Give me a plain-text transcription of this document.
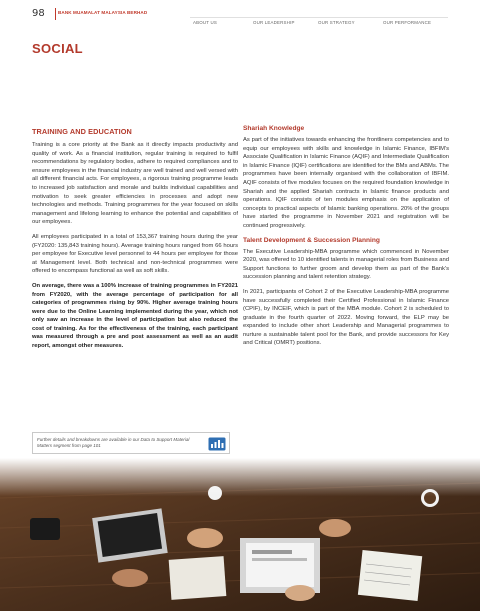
98	BANK MUAMALAT MALAYSIA BERHAD
ABOUT US	OUR LEADERSHIP	OUR STRATEGY	OUR PERFORMANCE
SOCIAL
TRAINING AND EDUCATION

Training is a core priority at the Bank as it directly impacts productivity and quality of work. As a financial institution, regular training is required to fulfil recommendations by regulatory bodies, adhere to required compliances and to ensure employees in the financial industry are well trained and well versed with all different financial acts. For employees, a rigorous training programme leads to increased job satisfaction and morale and builds individual capabilities and motivation to seek greater efficiencies in processes and adopt new technologies and methods. Training programmes for the year focused on skills management and lifelong learning to enhance the potential and capabilities of our employees.

All employees participated in a total of 153,367 training hours during the year (FY2020: 135,843 training hours). Average training hours ranged from 66 hours per employee for Executive level personnel to 44 hours per employee for those at Management level. Both technical and non-technical programmes were offered to encompass functional as well as soft skills.

On average, there was a 100% increase of training programmes in FY2021 from FY2020, with the average percentage of participation for all categories of programmes rising by 90%. Higher average training hours were due to the Online Learning implemented during the year, which not only saw an increase in the level of participation but also reduced the cost of training. As for the effectiveness of the training, each participant was measured through a pre and post assessment as well as an audit report, amongst other measures.

Shariah Knowledge

As part of the initiatives towards enhancing the frontliners competencies and to equip our employees with skills and knowledge in Islamic Finance, IBFIM's Associate Qualification in Islamic Finance (AQIF) and Intermediate Qualification in Islamic Finance (IQIF) certifications are identified for the BMs and ABMs. The programmes have been internally organised with the collaboration of IBFIM. AQIF consists of five modules focuses on the required foundation knowledge in Shariah and the applied Shariah contracts in Islamic finance products and operations. IQIF consists of ten modules emphasis on the application of concepts to practical aspects of Islamic banking operations. 20% of the groups have started the programme in November 2021 and registration will be continued progressively.

Talent Development & Succession Planning

The Executive Leadership-MBA programme which commenced in November 2020, was offered to 10 identified talents in managerial roles from Business and Support functions to further groom and develop them as part of the Bank's succession planning and talent retention strategy.

In 2021, participants of Cohort 2 of the Executive Leadership-MBA programme have successfully completed their Certified Professional in Islamic Finance (CPIF), by INCEIF, which is part of the MBA module. Cohort 2 is scheduled to graduate in the fourth quarter of 2022. Moving forward, the ELP may be expanded to include other short Leadership and Managerial programmes to nurture a sustainable talent pool for the Bank, and provide successors for Key and Critical (OMRT) positions.

Further details and breakdowns are available in our Data to Support Material Matters segment from page 101
